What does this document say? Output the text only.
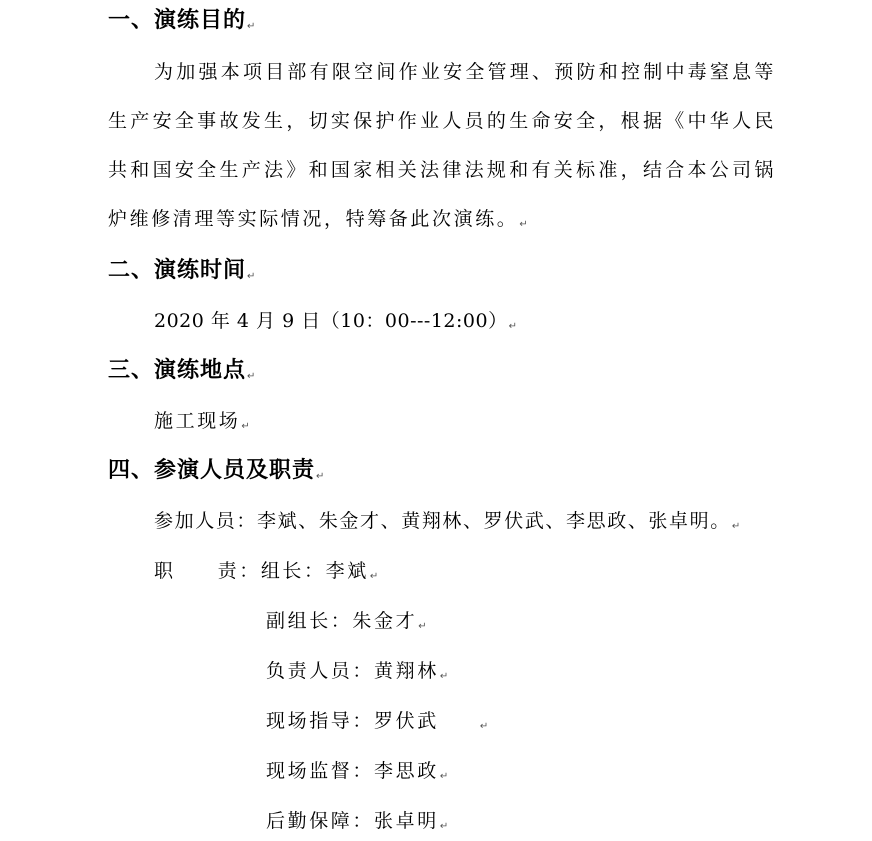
一、演练目的↵
为加强本项目部有限空间作业安全管理、预防和控制中毒窒息等生产安全事故发生，切实保护作业人员的生命安全，根据《中华人民共和国安全生产法》和国家相关法律法规和有关标准，结合本公司锅炉维修清理等实际情况，特筹备此次演练。↵
二、演练时间↵
2020 年 4 月 9 日（10：00---12:00）↵
三、演练地点↵
施工现场↵
四、参演人员及职责↵
参加人员：李斌、朱金才、黄翔林、罗伏武、李思政、张卓明。↵
职 责：组长：李斌↵
副组长：朱金才↵
负责人员：黄翔林↵
现场指导：罗伏武	↵
现场监督：李思政↵
后勤保障：张卓明↵
